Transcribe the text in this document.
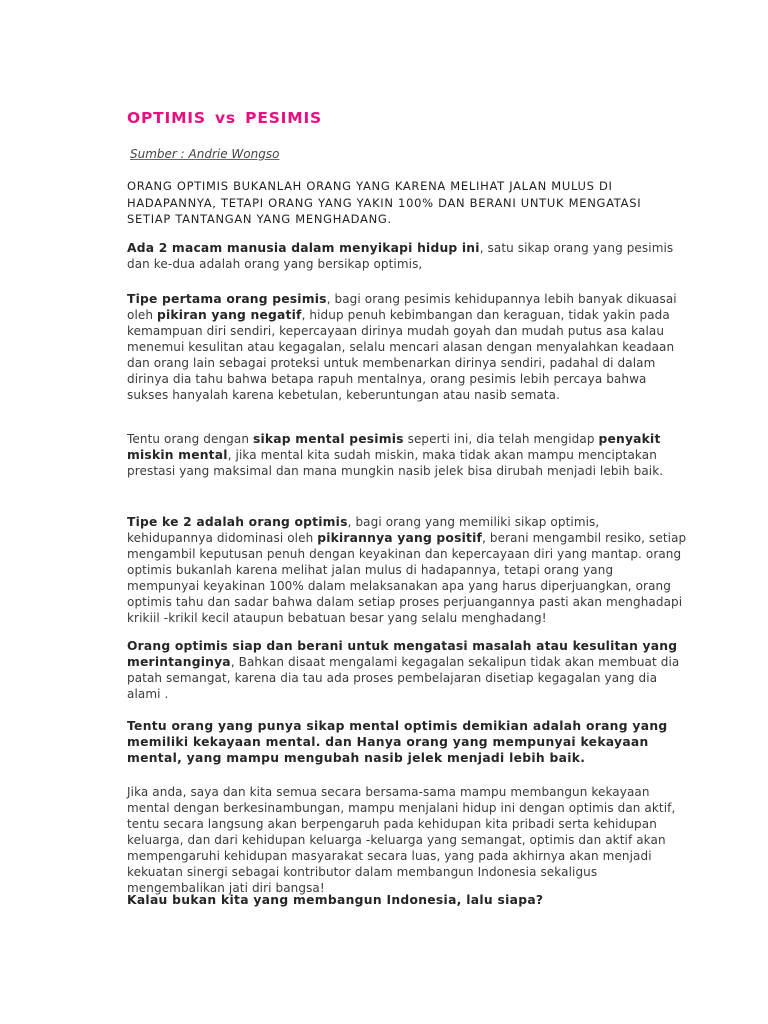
OPTIMIS vs PESIMIS
Sumber : Andrie Wongso

ORANG OPTIMIS BUKANLAH ORANG YANG KARENA MELIHAT JALAN MULUS DI HADAPANNYA, TETAPI ORANG YANG YAKIN 100% DAN BERANI UNTUK MENGATASI SETIAP TANTANGAN YANG MENGHADANG.

Ada 2 macam manusia dalam menyikapi hidup ini, satu sikap orang yang pesimis dan ke-dua adalah orang yang bersikap optimis,

Tipe pertama orang pesimis, bagi orang pesimis kehidupannya lebih banyak dikuasai oleh pikiran yang negatif, hidup penuh kebimbangan dan keraguan, tidak yakin pada kemampuan diri sendiri, kepercayaan dirinya mudah goyah dan mudah putus asa kalau menemui kesulitan atau kegagalan, selalu mencari alasan dengan menyalahkan keadaan dan orang lain sebagai proteksi untuk membenarkan dirinya sendiri, padahal di dalam dirinya dia tahu bahwa betapa rapuh mentalnya, orang pesimis lebih percaya bahwa sukses hanyalah karena kebetulan, keberuntungan atau nasib semata.

Tentu orang dengan sikap mental pesimis seperti ini, dia telah mengidap penyakit miskin mental, jika mental kita sudah miskin, maka tidak akan mampu menciptakan prestasi yang maksimal dan mana mungkin nasib jelek bisa dirubah menjadi lebih baik.

Tipe ke 2 adalah orang optimis, bagi orang yang memiliki sikap optimis, kehidupannya didominasi oleh pikirannya yang positif, berani mengambil resiko, setiap mengambil keputusan penuh dengan keyakinan dan kepercayaan diri yang mantap. orang optimis bukanlah karena melihat jalan mulus di hadapannya, tetapi orang yang mempunyai keyakinan 100% dalam melaksanakan apa yang harus diperjuangkan, orang optimis tahu dan sadar bahwa dalam setiap proses perjuangannya pasti akan menghadapi krikiil -krikil kecil ataupun bebatuan besar yang selalu menghadang!

Orang optimis siap dan berani untuk mengatasi masalah atau kesulitan yang merintanginya, Bahkan disaat mengalami kegagalan sekalipun tidak akan membuat dia patah semangat, karena dia tau ada proses pembelajaran disetiap kegagalan yang dia alami .

Tentu orang yang punya sikap mental optimis demikian adalah orang yang memiliki kekayaan mental. dan Hanya orang yang mempunyai kekayaan mental, yang mampu mengubah nasib jelek menjadi lebih baik.

Jika anda, saya dan kita semua secara bersama-sama mampu membangun kekayaan mental dengan berkesinambungan, mampu menjalani hidup ini dengan optimis dan aktif, tentu secara langsung akan berpengaruh pada kehidupan kita pribadi serta kehidupan keluarga, dan dari kehidupan keluarga -keluarga yang semangat, optimis dan aktif akan mempengaruhi kehidupan masyarakat secara luas, yang pada akhirnya akan menjadi kekuatan sinergi sebagai kontributor dalam membangun Indonesia sekaligus mengembalikan jati diri bangsa!

Kalau bukan kita yang membangun Indonesia, lalu siapa?
